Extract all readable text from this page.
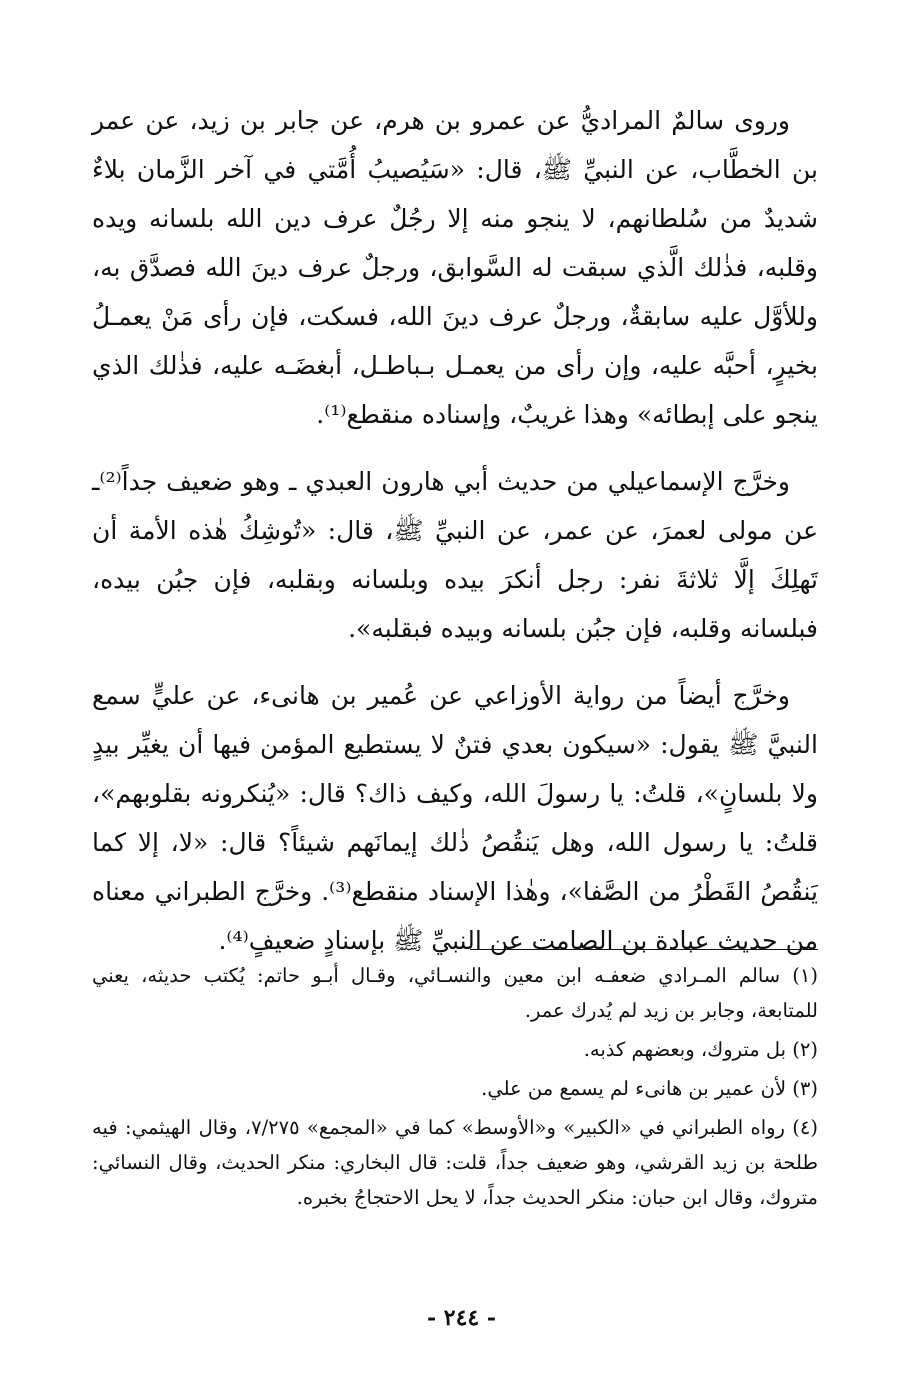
وروى سالمٌ المراديُّ عن عمرو بن هرم، عن جابر بن زيد، عن عمر بن الخطَّاب، عن النبيِّ ﷺ، قال: «سَيُصيبُ أُمَّتي في آخر الزَّمان بلاءٌ شديدٌ من سُلطانهم، لا ينجو منه إلا رجُلٌ عرف دين الله بلسانه ويده وقلبه، فذٰلك الَّذي سبقت له السَّوابق، ورجلٌ عرف دينَ الله فصدَّق به، وللأوَّل عليه سابقةٌ، ورجلٌ عرف دينَ الله، فسكت، فإن رأى مَنْ يعمـلُ بخيرٍ، أحبَّه عليه، وإن رأى من يعمـل بـباطـل، أبغضَـه عليه، فذٰلك الذي ينجو على إبطائه» وهذا غريبٌ، وإسناده منقطع⁽¹⁾.

وخرَّج الإسماعيلي من حديث أبي هارون العبدي ـ وهو ضعيف جداً⁽²⁾ـ عن مولى لعمرَ، عن عمر، عن النبيِّ ﷺ، قال: «تُوشِكُ هٰذه الأمة أن تَهلِكَ إلَّا ثلاثةَ نفر: رجل أنكرَ بيده وبلسانه وبقلبه، فإن جبُن بيده، فبلسانه وقلبه، فإن جبُن بلسانه وبيده فبقلبه».

وخرَّج أيضاً من رواية الأوزاعي عن عُمير بن هانىء، عن عليٍّ سمع النبيَّ ﷺ يقول: «سيكون بعدي فتنٌ لا يستطيع المؤمن فيها أن يغيِّر بيدٍ ولا بلسانٍ»، قلتُ: يا رسولَ الله، وكيف ذاك؟ قال: «يُنكرونه بقلوبهم»، قلتُ: يا رسول الله، وهل يَنقُصُ ذٰلك إيمانَهم شيئاً؟ قال: «لا، إلا كما يَنقُصُ القَطْرُ من الصَّفا»، وهٰذا الإسناد منقطع⁽³⁾. وخرَّج الطبراني معناه من حديث عبادة بن الصامت عن النبيِّ ﷺ بإسنادٍ ضعيفٍ⁽⁴⁾.

(١) سالم المـرادي ضعفـه ابن معين والنسـائي، وقـال أبـو حاتم: يُكتب حديثه، يعني للمتابعة، وجابر بن زيد لم يُدرك عمر.

(٢) بل متروك، وبعضهم كذبه.

(٣) لأن عمير بن هانىء لم يسمع من علي.

(٤) رواه الطبراني في «الكبير» و«الأوسط» كما في «المجمع» ٧/٢٧٥، وقال الهيثمي: فيه طلحة بن زيد القرشي، وهو ضعيف جداً، قلت: قال البخاري: منكر الحديث، وقال النسائي: متروك، وقال ابن حبان: منكر الحديث جداً، لا يحل الاحتجاجُ بخبره.

- ٢٤٤ -
